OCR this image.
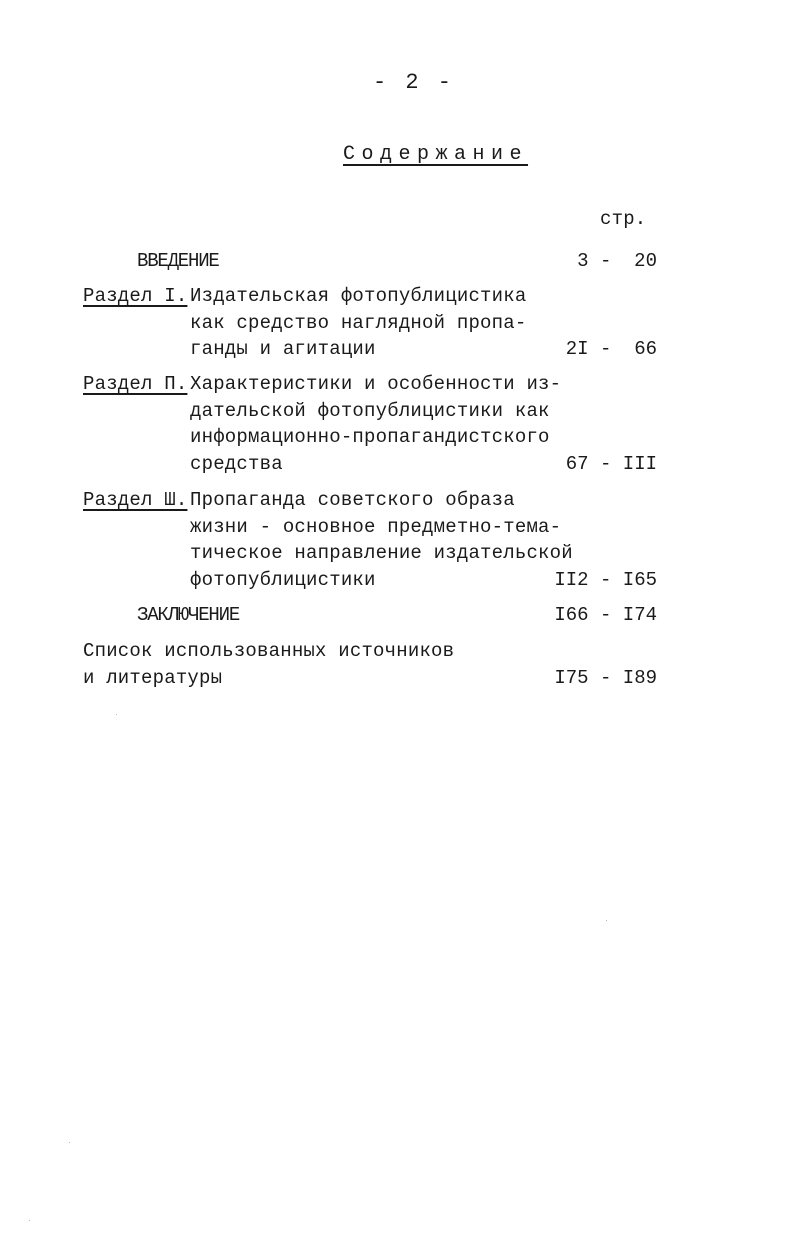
- 2 -
Содержание
стр.
ВВЕДЕНИЕ	3 -  20
Раздел I. Издательская фотопублицистика
как средство наглядной пропа-
ганды и агитации	2I -  66
Раздел П. Характеристики и особенности из-
дательской фотопублицистики как
информационно-пропагандистского
средства	67 - III
Раздел Ш. Пропаганда советского образа
жизни - основное предметно-тема-
тическое направление издательской
фотопублицистики	II2 - I65
ЗАКЛЮЧЕНИЕ	I66 - I74
Список использованных источников
и литературы	I75 - I89
